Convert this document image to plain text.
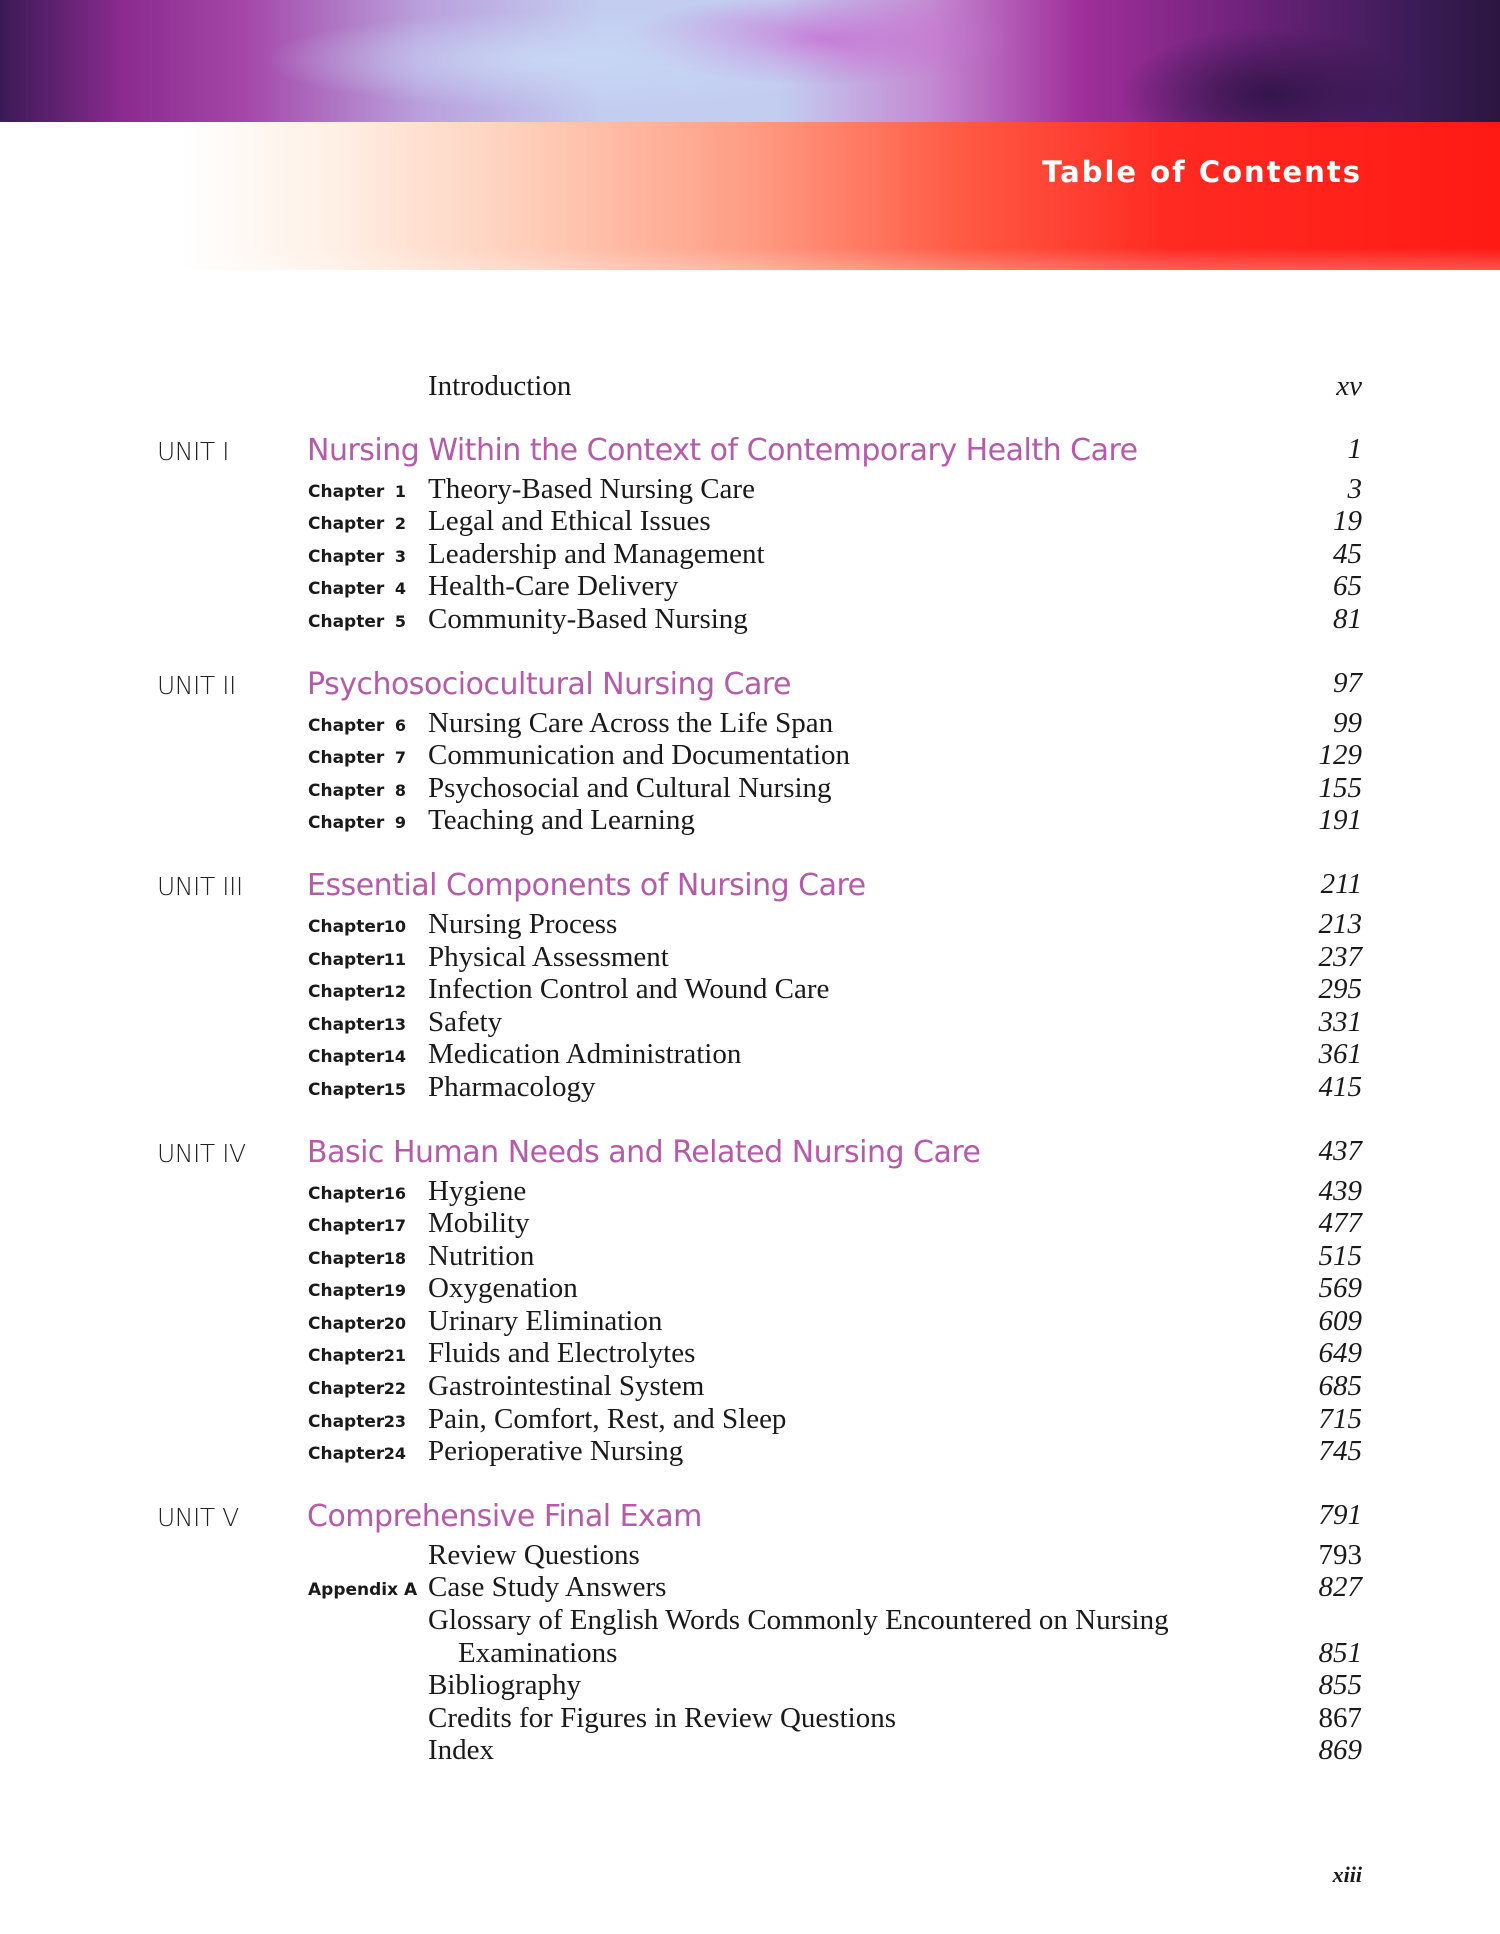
Table of Contents
Introduction	xv
UNIT I	Nursing Within the Context of Contemporary Health Care	1
Chapter 1 Theory-Based Nursing Care	3
Chapter 2 Legal and Ethical Issues	19
Chapter 3 Leadership and Management	45
Chapter 4 Health-Care Delivery	65
Chapter 5 Community-Based Nursing	81
UNIT II Psychosociocultural Nursing Care	97
Chapter 6 Nursing Care Across the Life Span	99
Chapter 7 Communication and Documentation	129
Chapter 8 Psychosocial and Cultural Nursing	155
Chapter 9 Teaching and Learning	191
UNIT III Essential Components of Nursing Care	211
Chapter 10 Nursing Process	213
Chapter 11 Physical Assessment	237
Chapter 12 Infection Control and Wound Care	295
Chapter 13 Safety	331
Chapter 14 Medication Administration	361
Chapter 15 Pharmacology	415
UNIT IV Basic Human Needs and Related Nursing Care	437
Chapter 16 Hygiene	439
Chapter 17 Mobility	477
Chapter 18 Nutrition	515
Chapter 19 Oxygenation	569
Chapter 20 Urinary Elimination	609
Chapter 21 Fluids and Electrolytes	649
Chapter 22 Gastrointestinal System	685
Chapter 23 Pain, Comfort, Rest, and Sleep	715
Chapter 24 Perioperative Nursing	745
UNIT V Comprehensive Final Exam	791
Review Questions	793
Appendix A Case Study Answers	827
Glossary of English Words Commonly Encountered on Nursing
Examinations	851
Bibliography	855
Credits for Figures in Review Questions	867
Index	869
xiii
